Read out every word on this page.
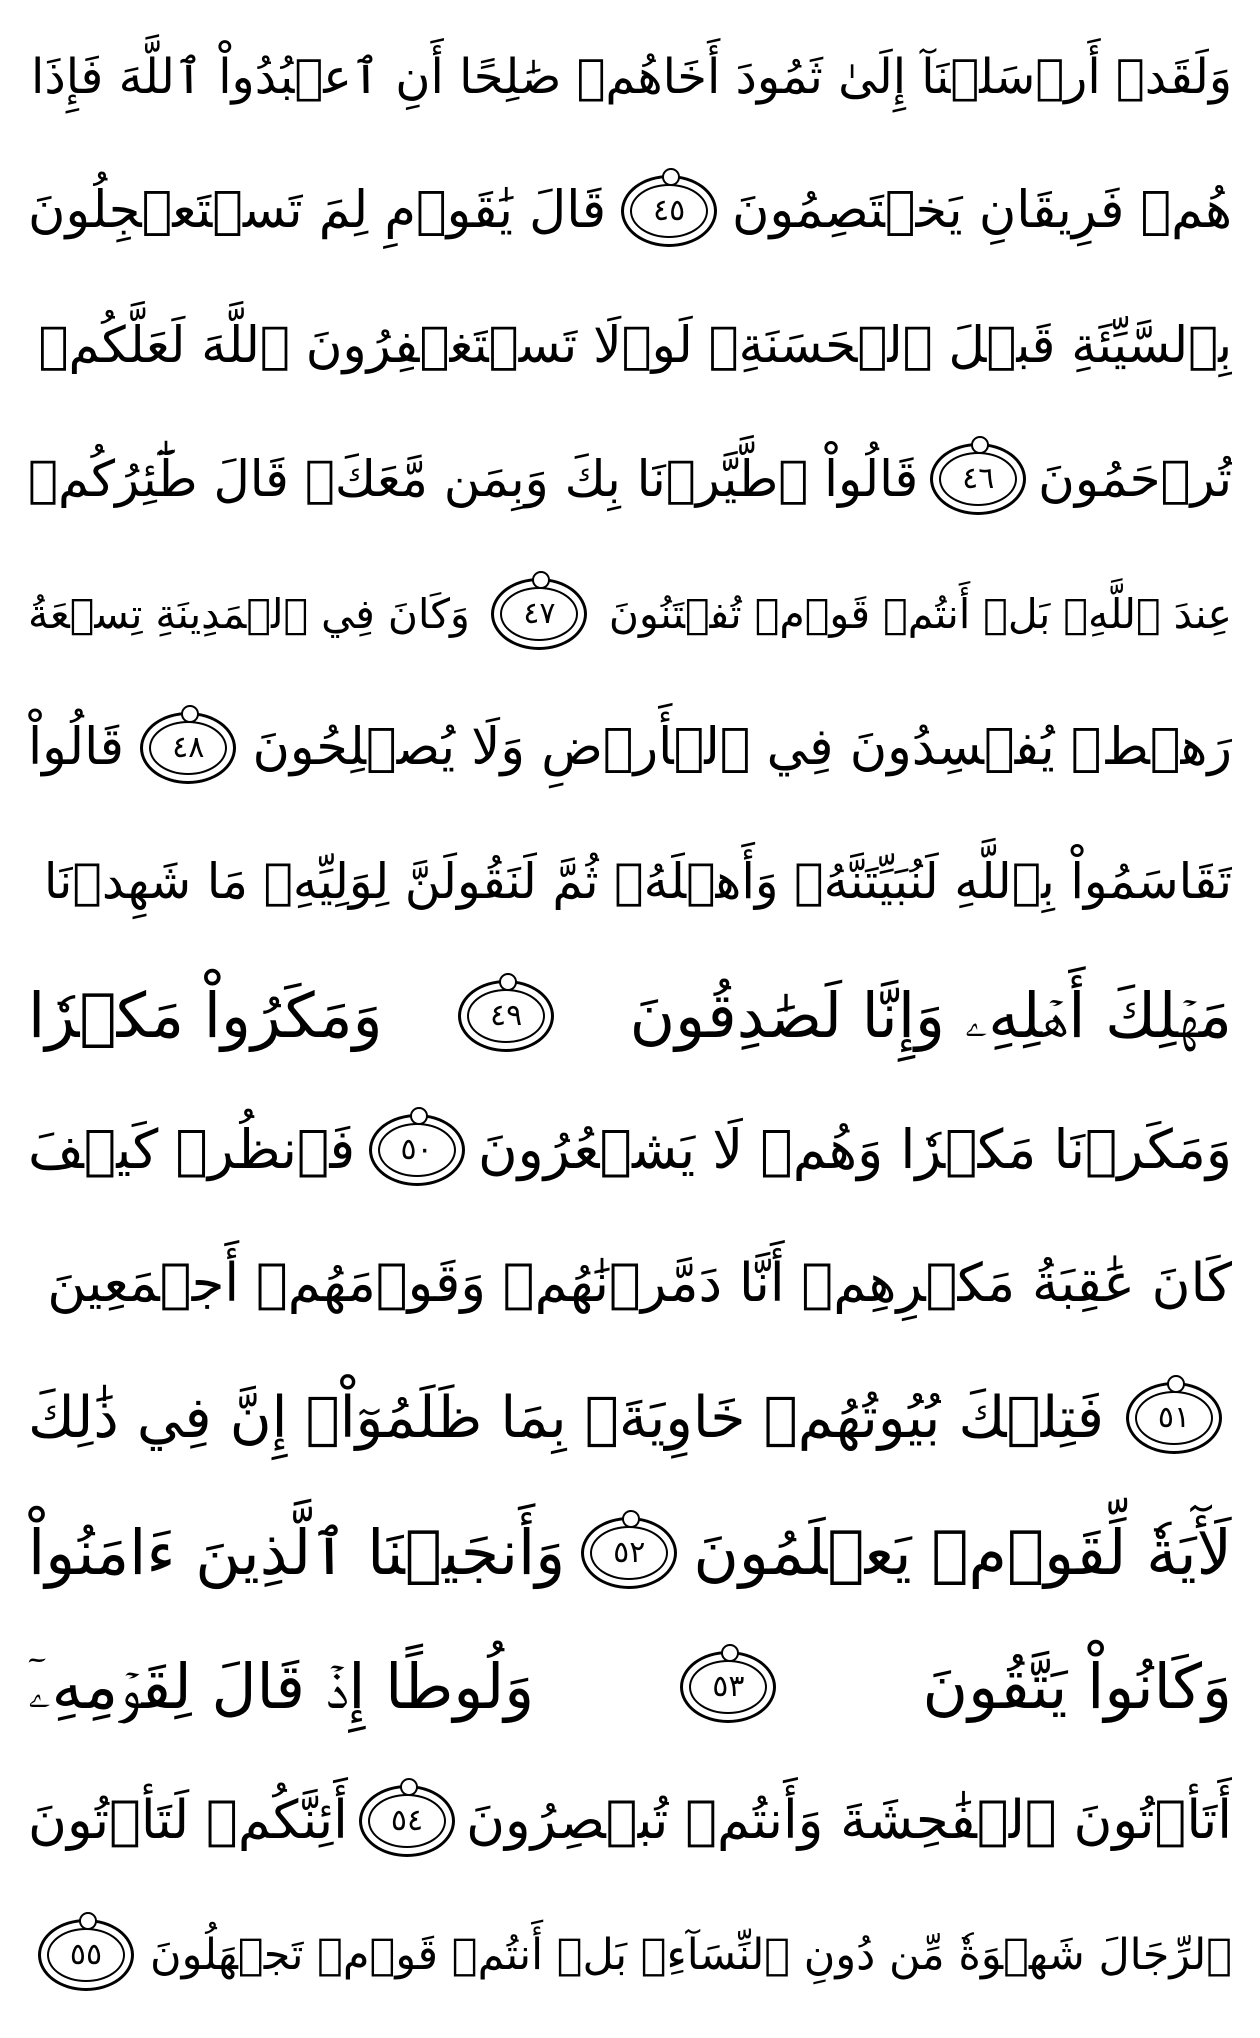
وَلَقَدۡ أَرۡسَلۡنَآ إِلَىٰ ثَمُودَ أَخَاهُمۡ صَٰلِحًا أَنِ ٱعۡبُدُواْ ٱللَّهَ فَإِذَا
هُمۡ فَرِيقَانِ يَخۡتَصِمُونَ
٤٥
قَالَ يَٰقَوۡمِ لِمَ تَسۡتَعۡجِلُونَ
بِٱلسَّيِّئَةِ قَبۡلَ ٱلۡحَسَنَةِۖ لَوۡلَا تَسۡتَغۡفِرُونَ ٱللَّهَ لَعَلَّكُمۡ
تُرۡحَمُونَ
٤٦
قَالُواْ ٱطَّيَّرۡنَا بِكَ وَبِمَن مَّعَكَۚ قَالَ طَٰٓئِرُكُمۡ
عِندَ ٱللَّهِۖ بَلۡ أَنتُمۡ قَوۡمٞ تُفۡتَنُونَ
٤٧
وَكَانَ فِي ٱلۡمَدِينَةِ تِسۡعَةُ
رَهۡطٖ يُفۡسِدُونَ فِي ٱلۡأَرۡضِ وَلَا يُصۡلِحُونَ
٤٨
قَالُواْ
تَقَاسَمُواْ بِٱللَّهِ لَنُبَيِّتَنَّهُۥ وَأَهۡلَهُۥ ثُمَّ لَنَقُولَنَّ لِوَلِيِّهِۦ مَا شَهِدۡنَا
مَهۡلِكَ أَهۡلِهِۦ وَإِنَّا لَصَٰدِقُونَ
٤٩
وَمَكَرُواْ مَكۡرٗا
وَمَكَرۡنَا مَكۡرٗا وَهُمۡ لَا يَشۡعُرُونَ
٥٠
فَٱنظُرۡ كَيۡفَ
كَانَ عَٰقِبَةُ مَكۡرِهِمۡ أَنَّا دَمَّرۡنَٰهُمۡ وَقَوۡمَهُمۡ أَجۡمَعِينَ
٥١
فَتِلۡكَ بُيُوتُهُمۡ خَاوِيَةَۢ بِمَا ظَلَمُوٓاْۚ إِنَّ فِي ذَٰلِكَ
لَأٓيَةٗ لِّقَوۡمٖ يَعۡلَمُونَ
٥٢
وَأَنجَيۡنَا ٱلَّذِينَ ءَامَنُواْ
وَكَانُواْ يَتَّقُونَ
٥٣
وَلُوطًا إِذۡ قَالَ لِقَوۡمِهِۦٓ
أَتَأۡتُونَ ٱلۡفَٰحِشَةَ وَأَنتُمۡ تُبۡصِرُونَ
٥٤
أَئِنَّكُمۡ لَتَأۡتُونَ
ٱلرِّجَالَ شَهۡوَةٗ مِّن دُونِ ٱلنِّسَآءِۚ بَلۡ أَنتُمۡ قَوۡمٞ تَجۡهَلُونَ
٥٥
